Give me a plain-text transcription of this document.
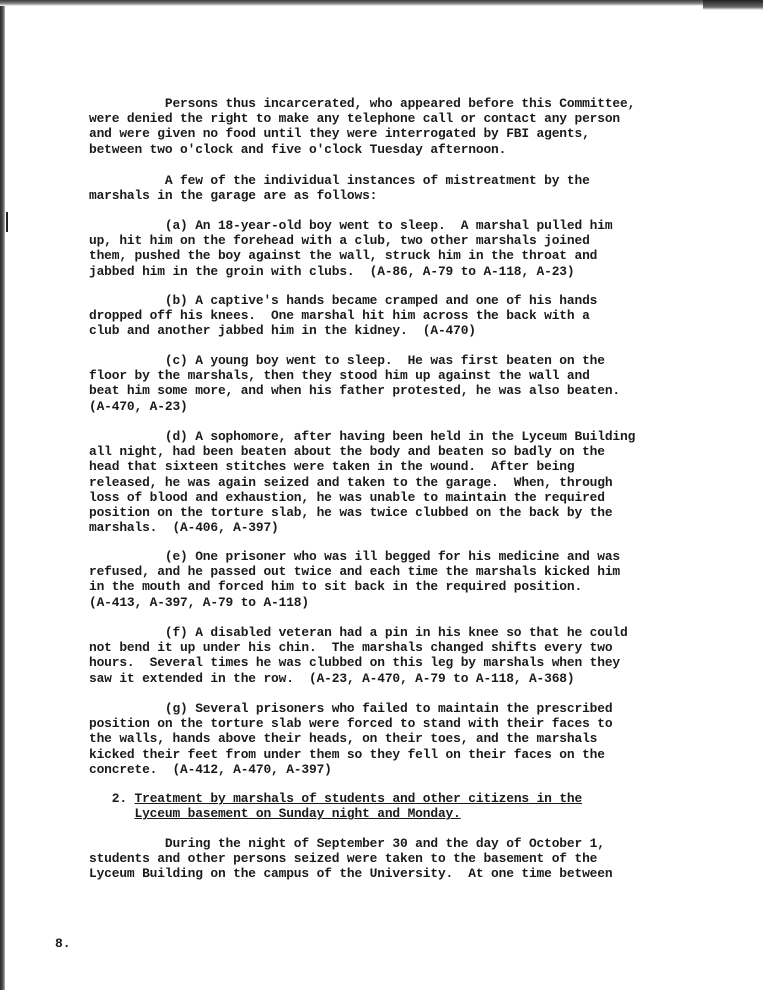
Persons thus incarcerated, who appeared before this Committee,
were denied the right to make any telephone call or contact any person
and were given no food until they were interrogated by FBI agents,
between two o'clock and five o'clock Tuesday afternoon.
A few of the individual instances of mistreatment by the
marshals in the garage are as follows:
(a) An 18-year-old boy went to sleep.  A marshal pulled him
up, hit him on the forehead with a club, two other marshals joined
them, pushed the boy against the wall, struck him in the throat and
jabbed him in the groin with clubs.  (A-86, A-79 to A-118, A-23)
(b) A captive's hands became cramped and one of his hands
dropped off his knees.  One marshal hit him across the back with a
club and another jabbed him in the kidney.  (A-470)
(c) A young boy went to sleep.  He was first beaten on the
floor by the marshals, then they stood him up against the wall and
beat him some more, and when his father protested, he was also beaten.
(A-470, A-23)
(d) A sophomore, after having been held in the Lyceum Building
all night, had been beaten about the body and beaten so badly on the
head that sixteen stitches were taken in the wound.  After being
released, he was again seized and taken to the garage.  When, through
loss of blood and exhaustion, he was unable to maintain the required
position on the torture slab, he was twice clubbed on the back by the
marshals.  (A-406, A-397)
(e) One prisoner who was ill begged for his medicine and was
refused, and he passed out twice and each time the marshals kicked him
in the mouth and forced him to sit back in the required position.
(A-413, A-397, A-79 to A-118)
(f) A disabled veteran had a pin in his knee so that he could
not bend it up under his chin.  The marshals changed shifts every two
hours.  Several times he was clubbed on this leg by marshals when they
saw it extended in the row.  (A-23, A-470, A-79 to A-118, A-368)
(g) Several prisoners who failed to maintain the prescribed
position on the torture slab were forced to stand with their faces to
the walls, hands above their heads, on their toes, and the marshals
kicked their feet from under them so they fell on their faces on the
concrete.  (A-412, A-470, A-397)
2. Treatment by marshals of students and other citizens in the
Lyceum basement on Sunday night and Monday.
During the night of September 30 and the day of October 1,
students and other persons seized were taken to the basement of the
Lyceum Building on the campus of the University.  At one time between
8.
